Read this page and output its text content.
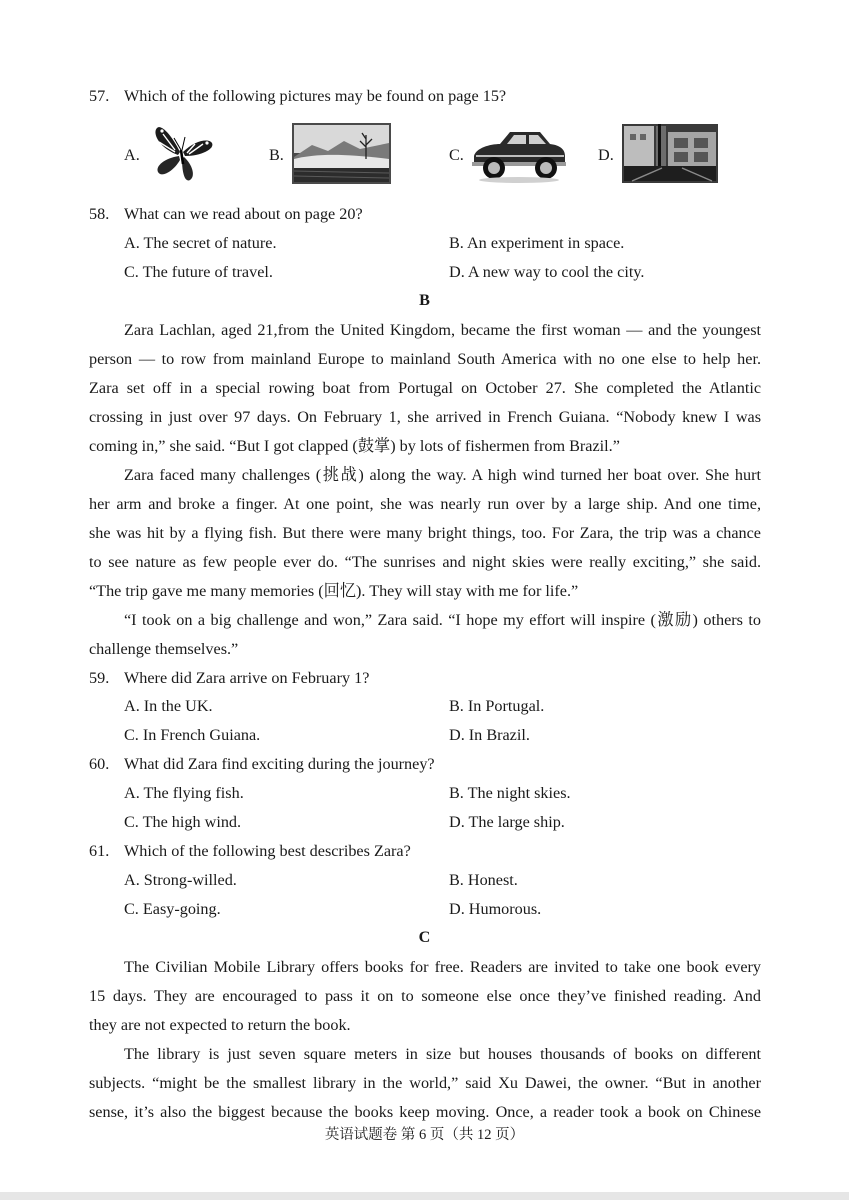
57. Which of the following pictures may be found on page 15?
A.	B.	C.	D.
58. What can we read about on page 20?
A. The secret of nature.	B. An experiment in space.
C. The future of travel.	D. A new way to cool the city.
B
Zara Lachlan, aged 21,from the United Kingdom, became the first woman — and the youngest
person — to row from mainland Europe to mainland South America with no one else to help her.
Zara set off in a special rowing boat from Portugal on October 27. She completed the Atlantic
crossing in just over 97 days. On February 1, she arrived in French Guiana. “Nobody knew I was
coming in,” she said. “But I got clapped (鼓掌) by lots of fishermen from Brazil.”
Zara faced many challenges (挑战) along the way. A high wind turned her boat over. She hurt
her arm and broke a finger. At one point, she was nearly run over by a large ship. And one time,
she was hit by a flying fish. But there were many bright things, too. For Zara, the trip was a chance
to see nature as few people ever do. “The sunrises and night skies were really exciting,” she said.
“The trip gave me many memories (回忆). They will stay with me for life.”
“I took on a big challenge and won,” Zara said. “I hope my effort will inspire (激励) others to
challenge themselves.”
59. Where did Zara arrive on February 1?
A. In the UK.	B. In Portugal.
C. In French Guiana.	D. In Brazil.
60. What did Zara find exciting during the journey?
A. The flying fish.	B. The night skies.
C. The high wind.	D. The large ship.
61. Which of the following best describes Zara?
A. Strong-willed.	B. Honest.
C. Easy-going.	D. Humorous.
C
The Civilian Mobile Library offers books for free. Readers are invited to take one book every
15 days. They are encouraged to pass it on to someone else once they’ve finished reading. And
they are not expected to return the book.
The library is just seven square meters in size but houses thousands of books on different
subjects. “might be the smallest library in the world,” said Xu Dawei, the owner. “But in another
sense, it’s also the biggest because the books keep moving. Once, a reader took a book on Chinese
英语试题卷 第 6 页（共 12 页）
